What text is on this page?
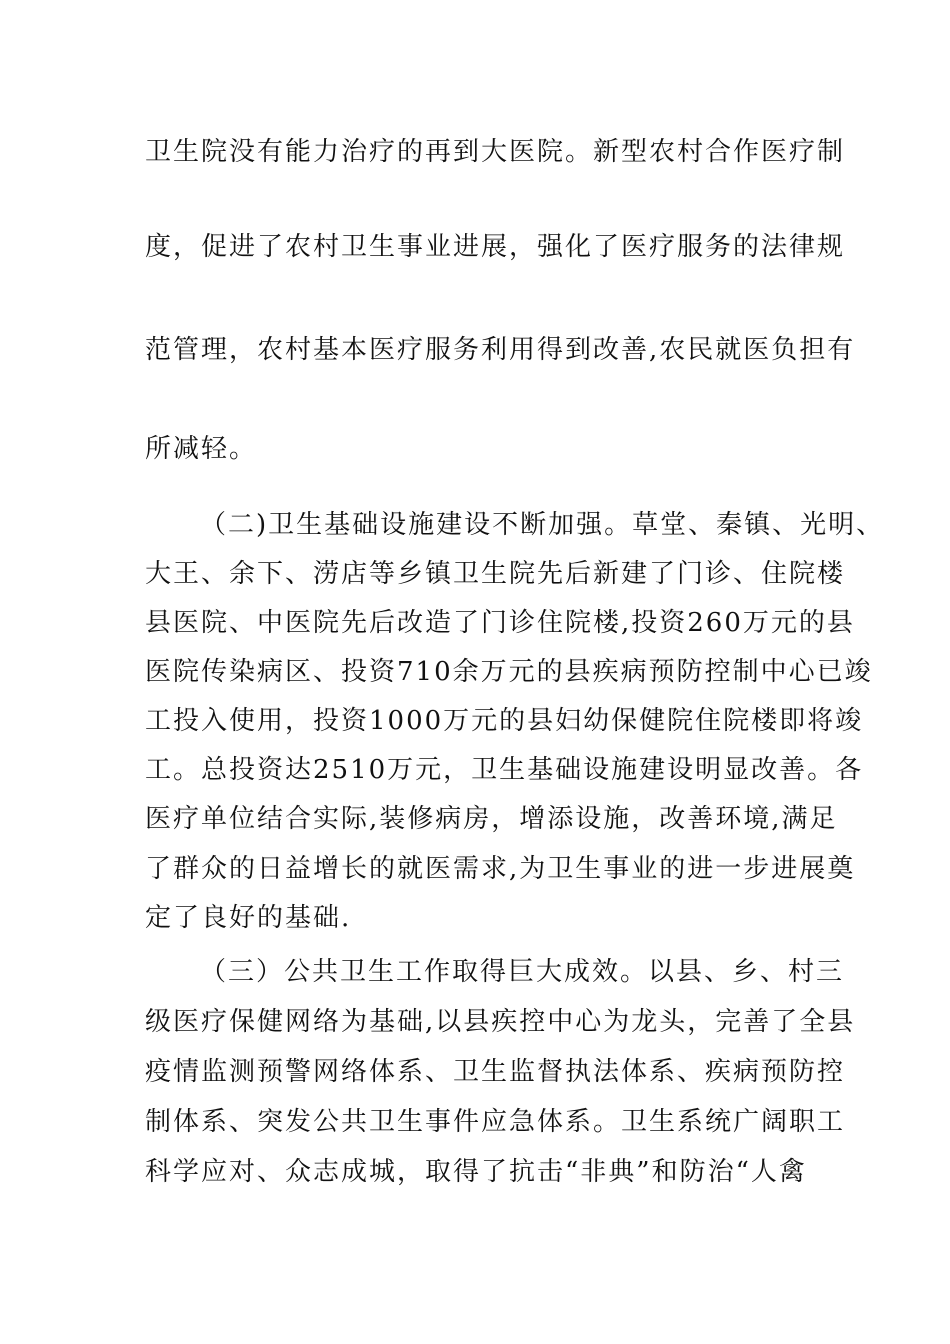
卫生院没有能力治疗的再到大医院。新型农村合作医疗制
度，促进了农村卫生事业进展，强化了医疗服务的法律规
范管理，农村基本医疗服务利用得到改善,农民就医负担有
所减轻。
（二)卫生基础设施建设不断加强。草堂、秦镇、光明、
大王、余下、涝店等乡镇卫生院先后新建了门诊、住院楼
县医院、中医院先后改造了门诊住院楼,投资260万元的县
医院传染病区、投资710余万元的县疾病预防控制中心已竣
工投入使用，投资1000万元的县妇幼保健院住院楼即将竣
工。总投资达2510万元，卫生基础设施建设明显改善。各
医疗单位结合实际,装修病房，增添设施，改善环境,满足
了群众的日益增长的就医需求,为卫生事业的进一步进展奠
定了良好的基础.
（三）公共卫生工作取得巨大成效。以县、乡、村三
级医疗保健网络为基础,以县疾控中心为龙头，完善了全县
疫情监测预警网络体系、卫生监督执法体系、疾病预防控
制体系、突发公共卫生事件应急体系。卫生系统广阔职工
科学应对、众志成城，取得了抗击“非典”和防治“人禽
